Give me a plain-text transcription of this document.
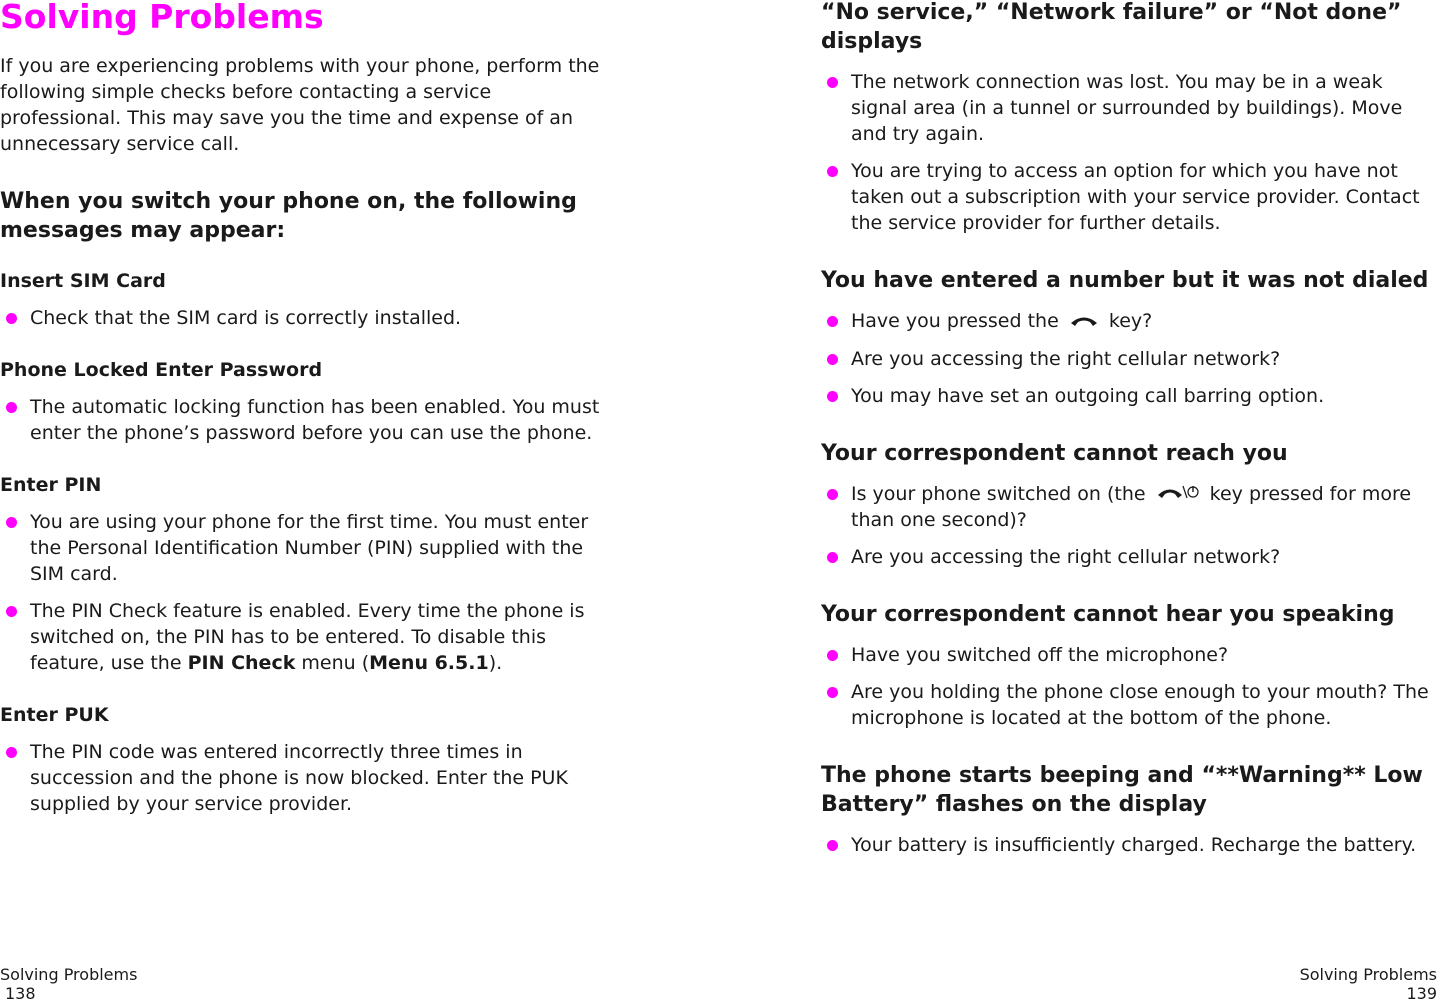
Solving Problems

If you are experiencing problems with your phone, perform the following simple checks before contacting a service professional. This may save you the time and expense of an unnecessary service call.

When you switch your phone on, the following messages may appear:
Insert SIM Card
Check that the SIM card is correctly installed.
Phone Locked Enter Password
The automatic locking function has been enabled. You must enter the phone’s password before you can use the phone.
Enter PIN
You are using your phone for the first time. You must enter the Personal Identification Number (PIN) supplied with the SIM card.
The PIN Check feature is enabled. Every time the phone is switched on, the PIN has to be entered. To disable this feature, use the PIN Check menu (Menu 6.5.1).
Enter PUK
The PIN code was entered incorrectly three times in succession and the phone is now blocked. Enter the PUK supplied by your service provider.
“No service,” “Network failure” or “Not done” displays
The network connection was lost. You may be in a weak signal area (in a tunnel or surrounded by buildings). Move and try again.
You are trying to access an option for which you have not taken out a subscription with your service provider. Contact the service provider for further details.
You have entered a number but it was not dialed
Have you pressed the	key?
Are you accessing the right cellular network?
You may have set an outgoing call barring option.
Your correspondent cannot reach you
Is your phone switched on (the	key pressed for more than one second)?
Are you accessing the right cellular network?
Your correspondent cannot hear you speaking
Have you switched off the microphone?
Are you holding the phone close enough to your mouth? The microphone is located at the bottom of the phone.
The phone starts beeping and “**Warning** Low Battery” flashes on the display
Your battery is insufficiently charged. Recharge the battery.
Solving Problems
138
Solving Problems
139
